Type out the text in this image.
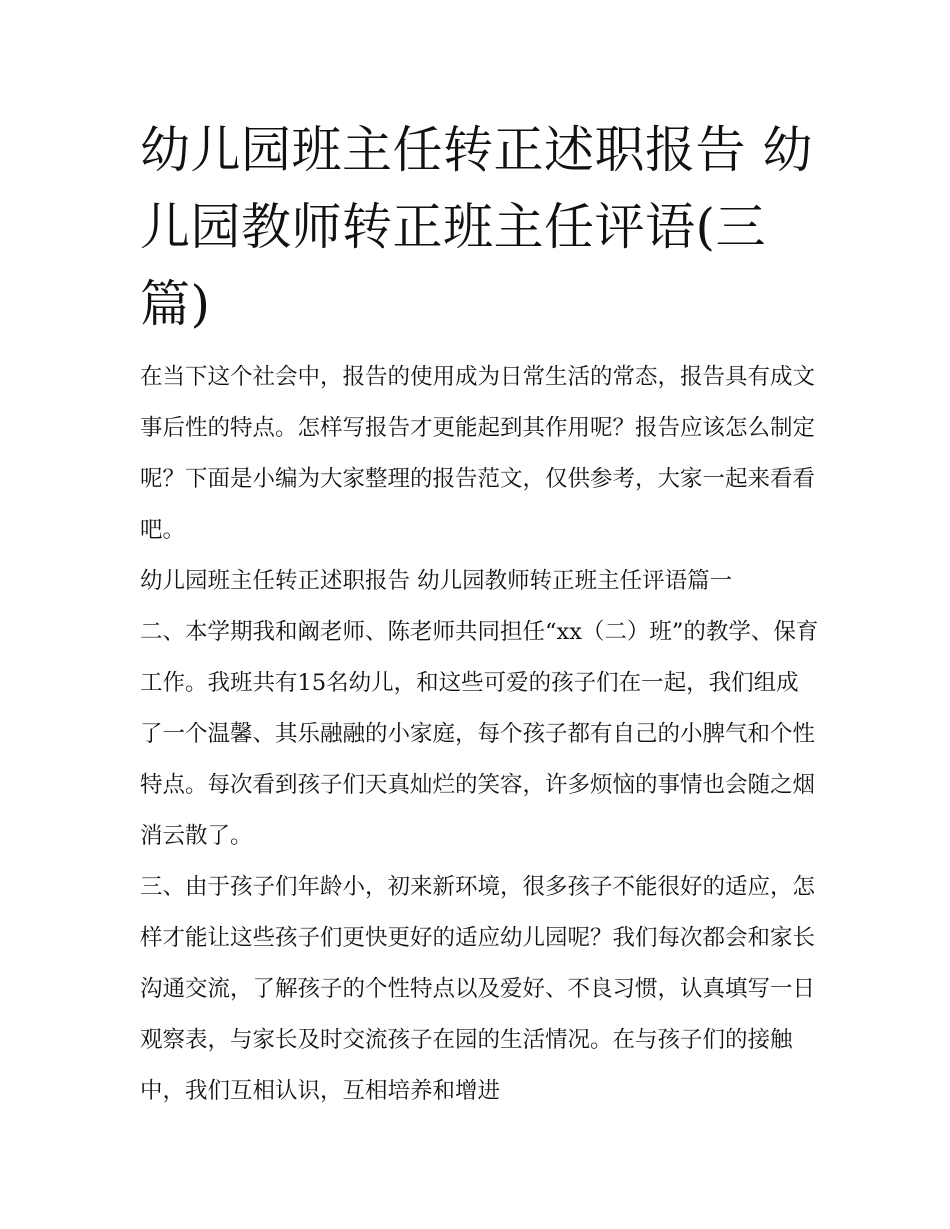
幼儿园班主任转正述职报告 幼儿园教师转正班主任评语(三篇)

在当下这个社会中，报告的使用成为日常生活的常态，报告具有成文事后性的特点。怎样写报告才更能起到其作用呢？报告应该怎么制定呢？下面是小编为大家整理的报告范文，仅供参考，大家一起来看看吧。

幼儿园班主任转正述职报告 幼儿园教师转正班主任评语篇一

二、本学期我和阚老师、陈老师共同担任“xx（二）班”的教学、保育工作。我班共有15名幼儿，和这些可爱的孩子们在一起，我们组成了一个温馨、其乐融融的小家庭，每个孩子都有自己的小脾气和个性特点。每次看到孩子们天真灿烂的笑容，许多烦恼的事情也会随之烟消云散了。

三、由于孩子们年龄小，初来新环境，很多孩子不能很好的适应，怎样才能让这些孩子们更快更好的适应幼儿园呢？我们每次都会和家长沟通交流，了解孩子的个性特点以及爱好、不良习惯，认真填写一日观察表，与家长及时交流孩子在园的生活情况。在与孩子们的接触中，我们互相认识，互相培养和增进
